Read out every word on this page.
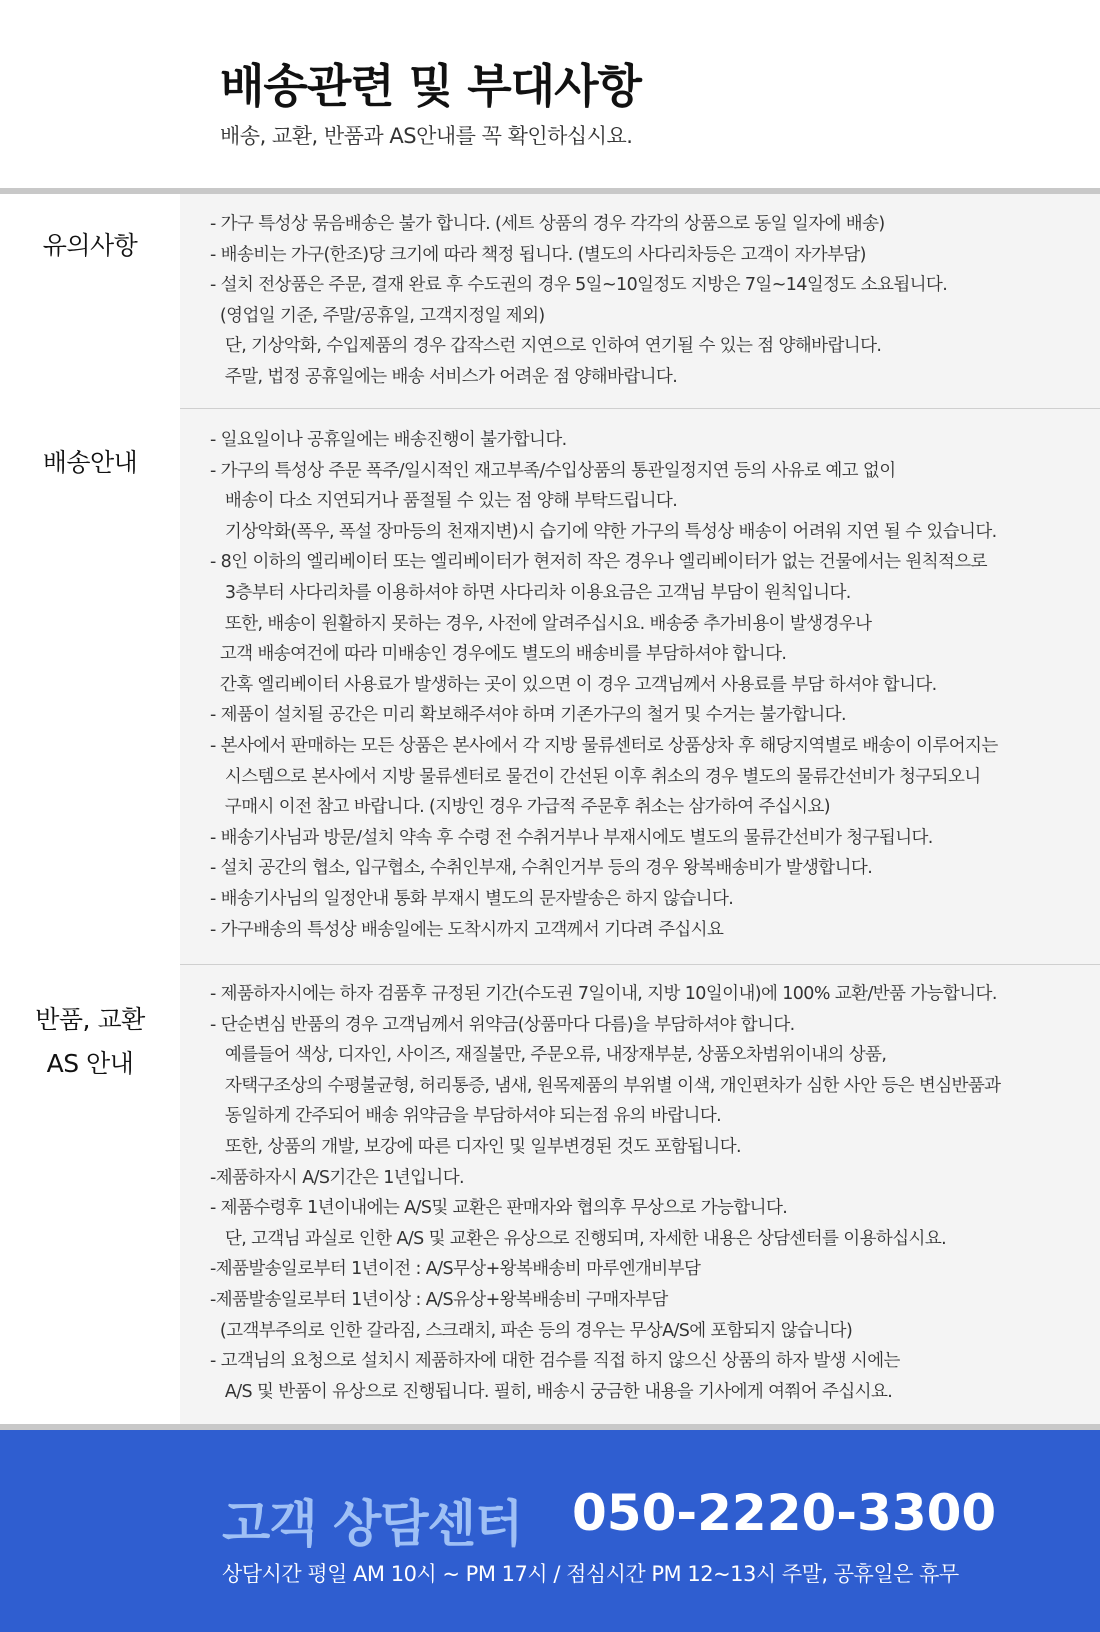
배송관련 및 부대사항

배송, 교환, 반품과 AS안내를 꼭 확인하십시요.

유의사항
- 가구 특성상 묶음배송은 불가 합니다. (세트 상품의 경우 각각의 상품으로 동일 일자에 배송)
- 배송비는 가구(한조)당 크기에 따라 책정 됩니다. (별도의 사다리차등은 고객이 자가부담)
- 설치 전상품은 주문, 결재 완료 후 수도권의 경우 5일~10일정도 지방은 7일~14일정도 소요됩니다.
(영업일 기준, 주말/공휴일, 고객지정일 제외)
단, 기상악화, 수입제품의 경우 갑작스런 지연으로 인하여 연기될 수 있는 점 양해바랍니다.
주말, 법정 공휴일에는 배송 서비스가 어려운 점 양해바랍니다.
배송안내
- 일요일이나 공휴일에는 배송진행이 불가합니다.
- 가구의 특성상 주문 폭주/일시적인 재고부족/수입상품의 통관일정지연 등의 사유로 예고 없이
배송이 다소 지연되거나 품절될 수 있는 점 양해 부탁드립니다.
기상악화(폭우, 폭설 장마등의 천재지변)시 습기에 약한 가구의 특성상 배송이 어려워 지연 될 수 있습니다.
- 8인 이하의 엘리베이터 또는 엘리베이터가 현저히 작은 경우나 엘리베이터가 없는 건물에서는 원칙적으로
3층부터 사다리차를 이용하셔야 하면 사다리차 이용요금은 고객님 부담이 원칙입니다.
또한, 배송이 원활하지 못하는 경우, 사전에 알려주십시요. 배송중 추가비용이 발생경우나
고객 배송여건에 따라 미배송인 경우에도 별도의 배송비를 부담하셔야 합니다.
간혹 엘리베이터 사용료가 발생하는 곳이 있으면 이 경우 고객님께서 사용료를 부담 하셔야 합니다.
- 제품이 설치될 공간은 미리 확보해주셔야 하며 기존가구의 철거 및 수거는 불가합니다.
- 본사에서 판매하는 모든 상품은 본사에서 각 지방 물류센터로 상품상차 후 해당지역별로 배송이 이루어지는
시스템으로 본사에서 지방 물류센터로 물건이 간선된 이후 취소의 경우 별도의 물류간선비가 청구되오니
구매시 이전 참고 바랍니다. (지방인 경우 가급적 주문후 취소는 삼가하여 주십시요)
- 배송기사님과 방문/설치 약속 후 수령 전 수취거부나 부재시에도 별도의 물류간선비가 청구됩니다.
- 설치 공간의 협소, 입구협소, 수취인부재, 수취인거부 등의 경우 왕복배송비가 발생합니다.
- 배송기사님의 일정안내 통화 부재시 별도의 문자발송은 하지 않습니다.
- 가구배송의 특성상 배송일에는 도착시까지 고객께서 기다려 주십시요
반품, 교환
AS 안내
- 제품하자시에는 하자 검품후 규정된 기간(수도권 7일이내, 지방 10일이내)에 100% 교환/반품 가능합니다.
- 단순변심 반품의 경우 고객님께서 위약금(상품마다 다름)을 부담하셔야 합니다.
예를들어 색상, 디자인, 사이즈, 재질불만, 주문오류, 내장재부분, 상품오차범위이내의 상품,
자택구조상의 수평불균형, 허리통증, 냄새, 원목제품의 부위별 이색, 개인편차가 심한 사안 등은 변심반품과
동일하게 간주되어 배송 위약금을 부담하셔야 되는점 유의 바랍니다.
또한, 상품의 개발, 보강에 따른 디자인 및 일부변경된 것도 포함됩니다.
-제품하자시 A/S기간은 1년입니다.
- 제품수령후 1년이내에는 A/S및 교환은 판매자와 협의후 무상으로 가능합니다.
단, 고객님 과실로 인한 A/S 및 교환은 유상으로 진행되며, 자세한 내용은 상담센터를 이용하십시요.
-제품발송일로부터 1년이전 : A/S무상+왕복배송비 마루엔개비부담
-제품발송일로부터 1년이상 : A/S유상+왕복배송비 구매자부담
(고객부주의로 인한 갈라짐, 스크래치, 파손 등의 경우는 무상A/S에 포함되지 않습니다)
- 고객님의 요청으로 설치시 제품하자에 대한 검수를 직접 하지 않으신 상품의 하자 발생 시에는
A/S 및 반품이 유상으로 진행됩니다. 필히, 배송시 궁금한 내용을 기사에게 여쭤어 주십시요.

고객 상담센터 050-2220-3300

상담시간 평일 AM 10시 ~ PM 17시 / 점심시간 PM 12~13시 주말, 공휴일은 휴무
